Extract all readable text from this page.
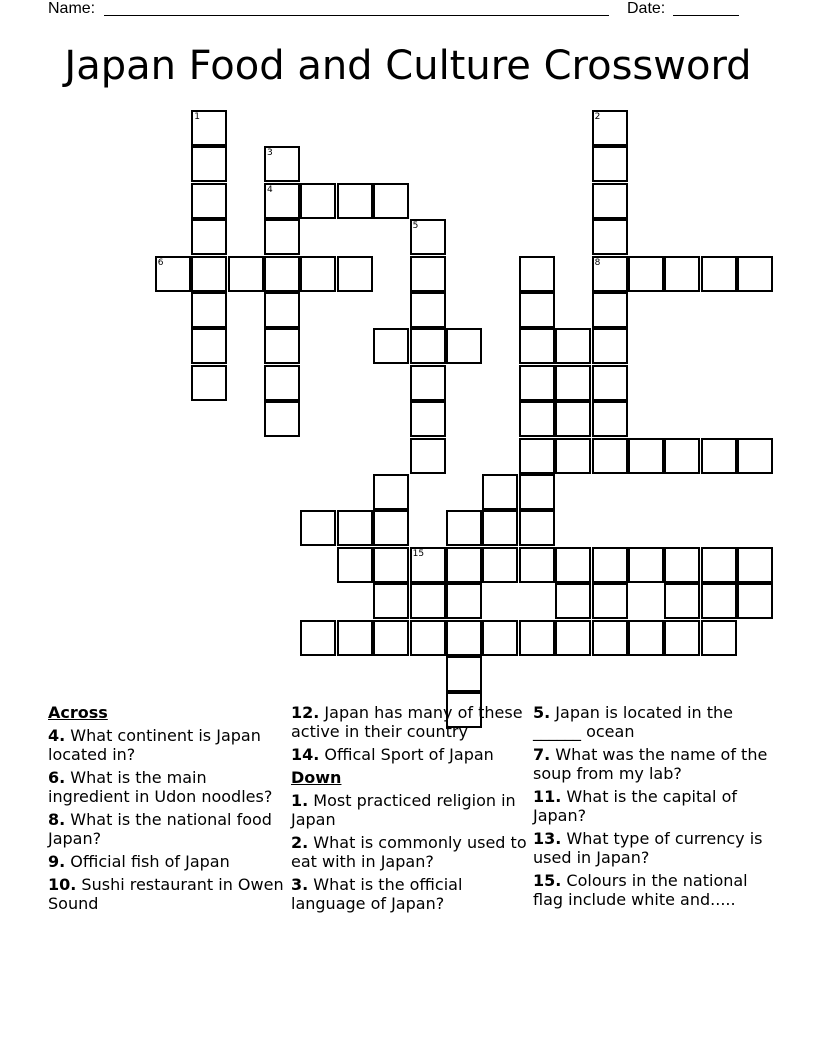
Name:	Date:
Japan Food and Culture Crossword
1	2
8
3
4
5
6
15
Across
4. What continent is Japan located in?
6. What is the main ingredient in Udon noodles?
8. What is the national food Japan?
9. Official fish of Japan
10. Sushi restaurant in Owen Sound
12. Japan has many of these active in their country
14. Offical Sport of Japan
Down
1. Most practiced religion in Japan
2. What is commonly used to eat with in Japan?
3. What is the official language of Japan?
5. Japan is located in the ______ ocean
7. What was the name of the soup from my lab?
11. What is the capital of Japan?
13. What type of currency is used in Japan?
15. Colours in the national flag include white and.....
